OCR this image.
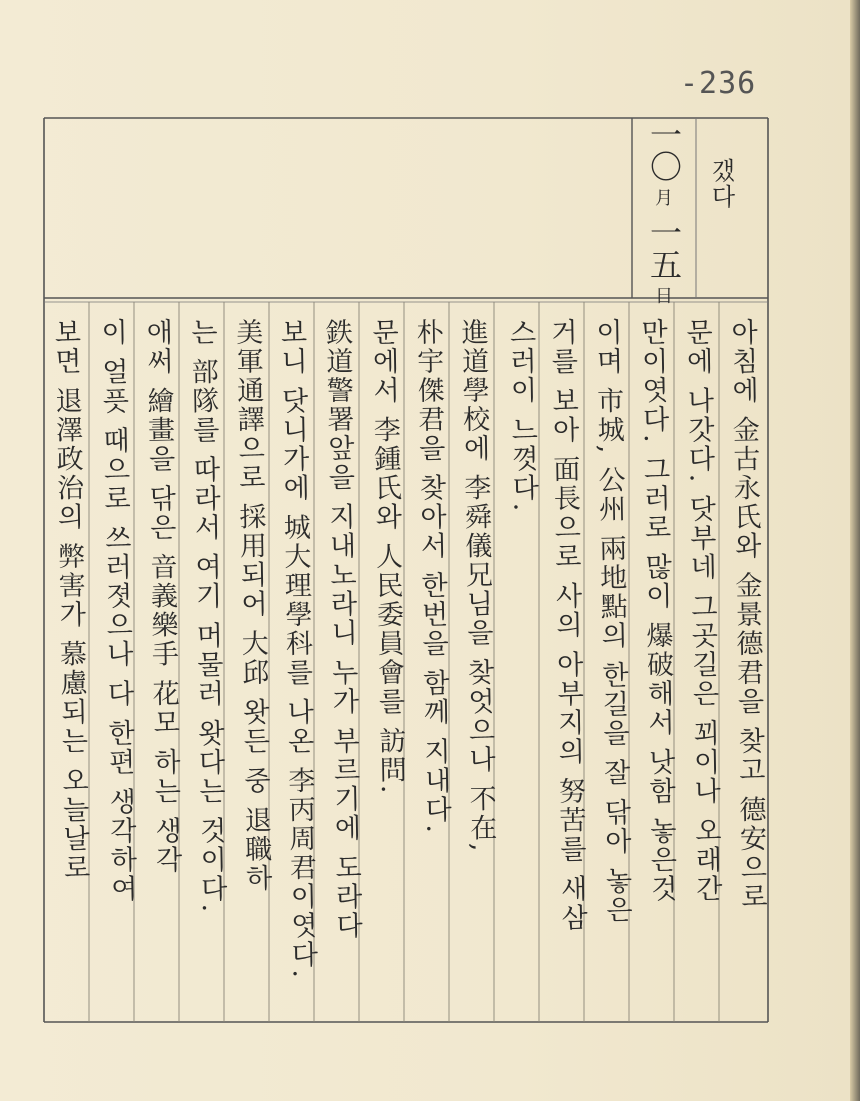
-236
一〇
月
一五
日
갰다
아침에 金古永氏와 金景德君을 찾고 德安으로
문에 나갓다. 닷부네 그곳길은 꾀이나 오래간
만이엿다. 그러로 많이 爆破해서 낫함 놓은것
이며 市城, 公州 兩地點의 한길을 잘 닦아 놓은
거를 보아 面長으로 사의 아부지의 努苦를 새삼
스러이 느꼇다.
進道學校에 李舜儀兄님을 찾엇으나 不在,
朴宇傑君을 찾아서 한번을 함께 지내다.
문에서 李鍾氏와 人民委員會를 訪問.
鉄道警署앞을 지내노라니 누가 부르기에 도라다
보니 닷니가에 城大理學科를 나온 李丙周君이엿다.
美軍通譯으로 採用되어 大邱 왓든 중 退職하
는 部隊를 따라서 여기 머물러 왓다는 것이다.
애써 繪畫을 닦은 音義樂手 花모 하는 생각
이 얼픗 때으로 쓰러졋으나 다 한편 생각하여
보면 退澤政治의 弊害가 慕慮되는 오늘날로
